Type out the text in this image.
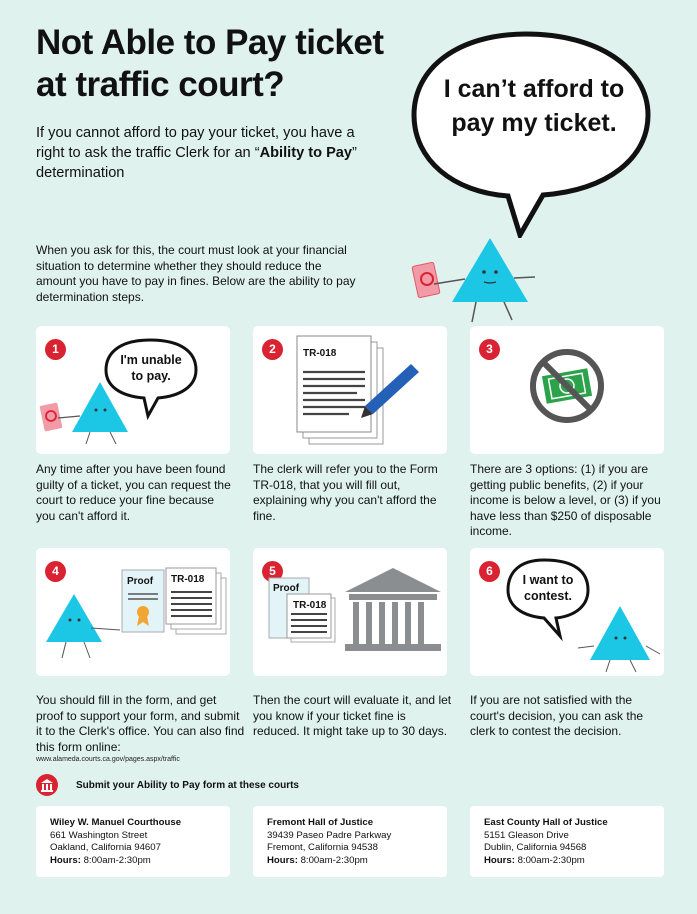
Not Able to Pay ticket
at traffic court?
If you cannot afford to pay your ticket, you have a right to ask the traffic Clerk for an “Ability to Pay” determination
I can’t afford to
pay my ticket.
When you ask for this, the court must look at your financial situation to determine whether they should reduce the amount you have to pay in fines. Below are the ability to pay determination steps.
1
I'm unable
to pay.
2	TR-018	3
Any time after you have been found guilty of a ticket, you can request the court to reduce your fine because you can't afford it.
The clerk will refer you to the Form TR-018, that you will fill out, explaining why you can't afford the fine.
There are 3 options: (1) if you are getting public benefits, (2) if your income is below a level, or (3) if you have less than $250 of disposable income.
4
Proof TR-018
5
Proof
TR-018
6
I want to
contest.
You should fill in the form, and get proof to support your form, and submit it to the Clerk's office. You can also find this form online:
www.alameda.courts.ca.gov/pages.aspx/traffic
Then the court will evaluate it, and let you know if your ticket fine is reduced. It might take up to 30 days.
If you are not satisfied with the court's decision, you can ask the clerk to contest the decision.
Submit your Ability to Pay form at these courts
Wiley W. Manuel Courthouse
661 Washington Street
Oakland, California 94607
Hours: 8:00am-2:30pm
Fremont Hall of Justice
39439 Paseo Padre Parkway
Fremont, California 94538
Hours: 8:00am-2:30pm
East County Hall of Justice
5151 Gleason Drive
Dublin, California 94568
Hours: 8:00am-2:30pm
